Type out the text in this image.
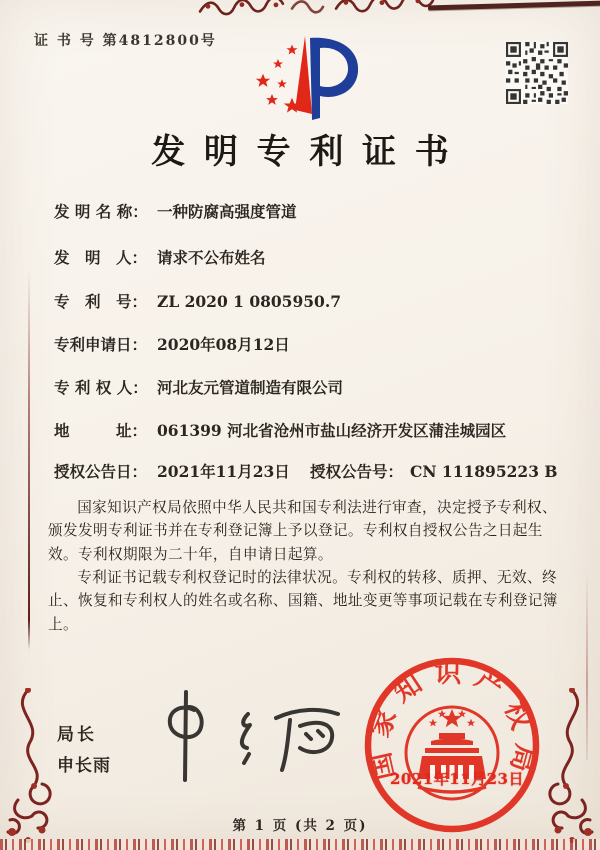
证 书 号 第4812800号
发明专利证书
发 明 名 称： 一种防腐高强度管道
发　明　人： 请求不公布姓名
专　利　号： ZL 2020 1 0805950.7
专利申请日： 2020年08月12日
专 利 权 人： 河北友元管道制造有限公司
地　　　址： 061399 河北省沧州市盐山经济开发区蒲洼城园区
授权公告日： 2021年11月23日 授权公告号： CN 111895223 B

国家知识产权局依照中华人民共和国专利法进行审查，决定授予专利权、颁发发明专利证书并在专利登记簿上予以登记。专利权自授权公告之日起生效。专利权期限为二十年，自申请日起算。

专利证书记载专利权登记时的法律状况。专利权的转移、质押、无效、终止、恢复和专利权人的姓名或名称、国籍、地址变更等事项记载在专利登记簿上。

局长
申长雨	国家知识产权局
2021年11月23日
第 1 页 (共 2 页)
